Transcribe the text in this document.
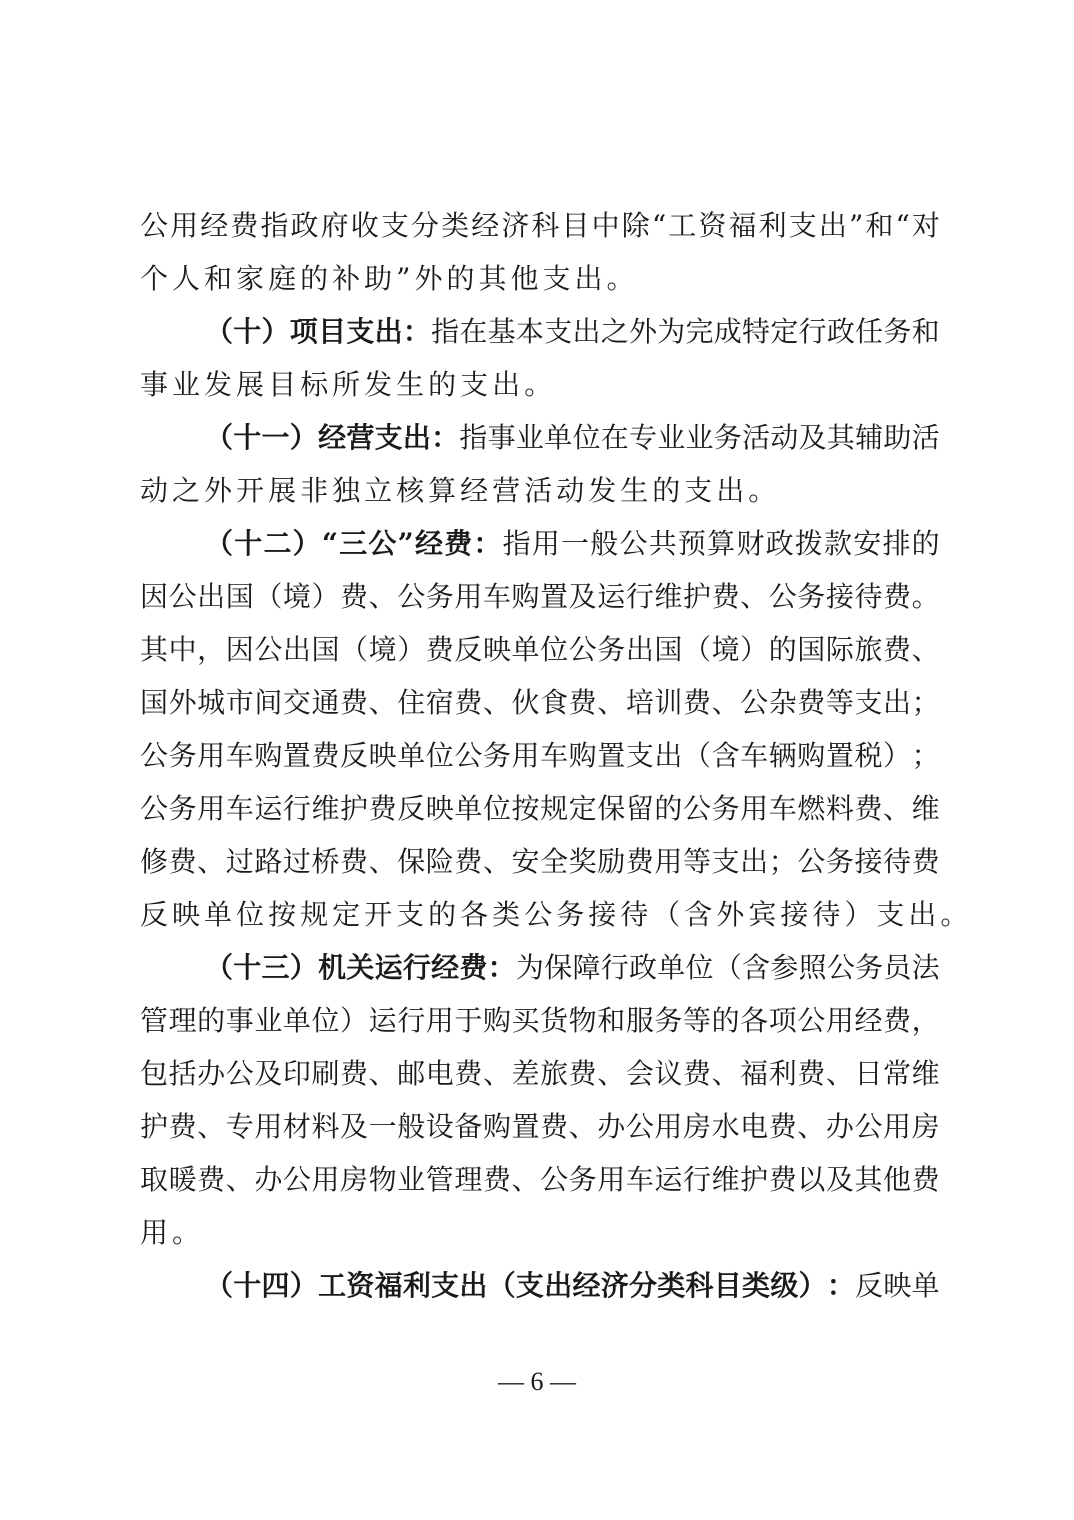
公 用 经 费 指 政 府 收 支 分 类 经 济 科 目 中 除 “ 工 资 福 利 支 出 ” 和 “ 对
个 人 和 家 庭 的 补 助 ” 外 的 其 他 支 出 。
（ 十 ） 项 目 支 出 ： 指 在 基 本 支 出 之 外 为 完 成 特 定 行 政 任 务 和
事 业 发 展 目 标 所 发 生 的 支 出 。
（ 十 一 ） 经 营 支 出 ： 指 事 业 单 位 在 专 业 业 务 活 动 及 其 辅 助 活
动 之 外 开 展 非 独 立 核 算 经 营 活 动 发 生 的 支 出 。
（ 十 二 ） “ 三 公 ” 经 费 ： 指 用 一 般 公 共 预 算 财 政 拨 款 安 排 的
因 公 出 国 （ 境 ） 费 、 公 务 用 车 购 置 及 运 行 维 护 费 、 公 务 接 待 费 。
其 中 ， 因 公 出 国 （ 境 ） 费 反 映 单 位 公 务 出 国 （ 境 ） 的 国 际 旅 费 、
国 外 城 市 间 交 通 费 、 住 宿 费 、 伙 食 费 、 培 训 费 、 公 杂 费 等 支 出 ；
公 务 用 车 购 置 费 反 映 单 位 公 务 用 车 购 置 支 出 （ 含 车 辆 购 置 税 ） ；
公 务 用 车 运 行 维 护 费 反 映 单 位 按 规 定 保 留 的 公 务 用 车 燃 料 费 、 维
修 费 、 过 路 过 桥 费 、 保 险 费 、 安 全 奖 励 费 用 等 支 出 ； 公 务 接 待 费
反 映 单 位 按 规 定 开 支 的 各 类 公 务 接 待 （ 含 外 宾 接 待 ） 支 出 。
（ 十 三 ） 机 关 运 行 经 费 ： 为 保 障 行 政 单 位 （ 含 参 照 公 务 员 法
管 理 的 事 业 单 位 ） 运 行 用 于 购 买 货 物 和 服 务 等 的 各 项 公 用 经 费 ，
包 括 办 公 及 印 刷 费 、 邮 电 费 、 差 旅 费 、 会 议 费 、 福 利 费 、 日 常 维
护 费 、 专 用 材 料 及 一 般 设 备 购 置 费 、 办 公 用 房 水 电 费 、 办 公 用 房
取 暖 费 、 办 公 用 房 物 业 管 理 费 、 公 务 用 车 运 行 维 护 费 以 及 其 他 费
用 。
（ 十 四 ） 工 资 福 利 支 出 （ 支 出 经 济 分 类 科 目 类 级 ） ： 反 映 单
— 6 —
